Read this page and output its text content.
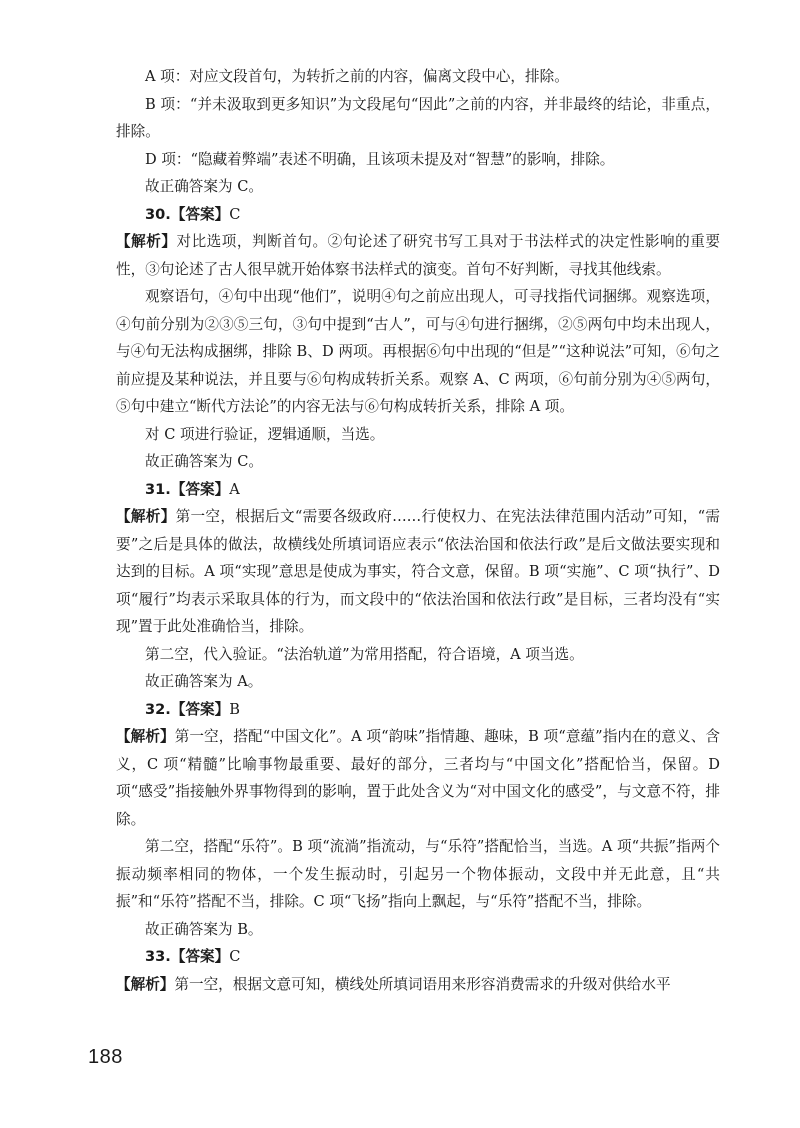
A 项：对应文段首句，为转折之前的内容，偏离文段中心，排除。

B 项：“并未汲取到更多知识”为文段尾句“因此”之前的内容，并非最终的结论，非重点，排除。

D 项：“隐藏着弊端”表述不明确，且该项未提及对“智慧”的影响，排除。

故正确答案为 C。

30.【答案】C

【解析】对比选项，判断首句。②句论述了研究书写工具对于书法样式的决定性影响的重要性，③句论述了古人很早就开始体察书法样式的演变。首句不好判断，寻找其他线索。

观察语句，④句中出现“他们”，说明④句之前应出现人，可寻找指代词捆绑。观察选项，④句前分别为②③⑤三句，③句中提到“古人”，可与④句进行捆绑，②⑤两句中均未出现人，与④句无法构成捆绑，排除 B、D 两项。再根据⑥句中出现的“但是”“这种说法”可知，⑥句之前应提及某种说法，并且要与⑥句构成转折关系。观察 A、C 两项，⑥句前分别为④⑤两句，⑤句中建立“断代方法论”的内容无法与⑥句构成转折关系，排除 A 项。

对 C 项进行验证，逻辑通顺，当选。

故正确答案为 C。

31.【答案】A

【解析】第一空，根据后文“需要各级政府……行使权力、在宪法法律范围内活动”可知，“需要”之后是具体的做法，故横线处所填词语应表示“依法治国和依法行政”是后文做法要实现和达到的目标。A 项“实现”意思是使成为事实，符合文意，保留。B 项“实施”、C 项“执行”、D 项“履行”均表示采取具体的行为，而文段中的“依法治国和依法行政”是目标，三者均没有“实现”置于此处准确恰当，排除。

第二空，代入验证。“法治轨道”为常用搭配，符合语境，A 项当选。

故正确答案为 A。

32.【答案】B

【解析】第一空，搭配“中国文化”。A 项“韵味”指情趣、趣味，B 项“意蕴”指内在的意义、含义，C 项“精髓”比喻事物最重要、最好的部分，三者均与“中国文化”搭配恰当，保留。D 项“感受”指接触外界事物得到的影响，置于此处含义为“对中国文化的感受”，与文意不符，排除。

第二空，搭配“乐符”。B 项“流淌”指流动，与“乐符”搭配恰当，当选。A 项“共振”指两个振动频率相同的物体，一个发生振动时，引起另一个物体振动，文段中并无此意，且“共振”和“乐符”搭配不当，排除。C 项“飞扬”指向上飘起，与“乐符”搭配不当，排除。

故正确答案为 B。

33.【答案】C

【解析】第一空，根据文意可知，横线处所填词语用来形容消费需求的升级对供给水平

188
